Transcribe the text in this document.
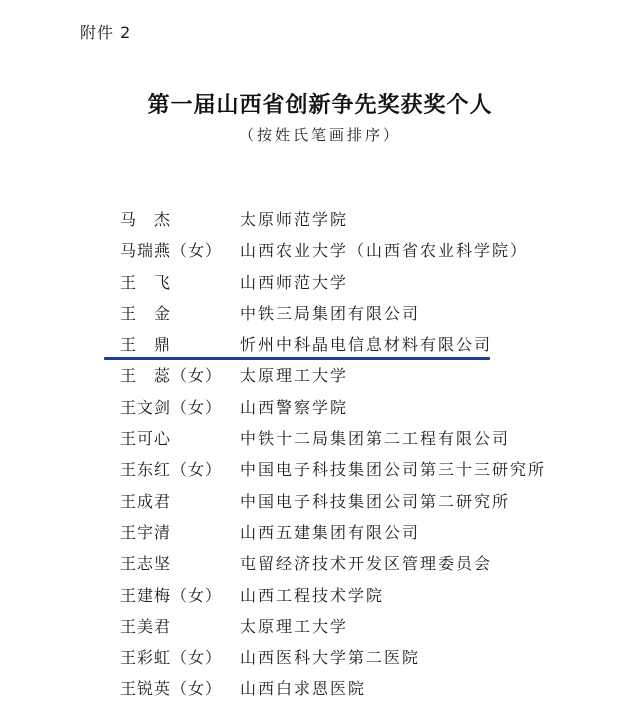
附件 2
第一届山西省创新争先奖获奖个人
（按姓氏笔画排序）
马　杰	太原师范学院
马瑞燕（女） 山西农业大学（山西省农业科学院）
王　飞	山西师范大学
王　金	中铁三局集团有限公司
王　鼎	忻州中科晶电信息材料有限公司
王　蕊（女） 太原理工大学
王文剑（女） 山西警察学院
王可心	中铁十二局集团第二工程有限公司
王东红（女） 中国电子科技集团公司第三十三研究所
王成君	中国电子科技集团公司第二研究所
王宇清	山西五建集团有限公司
王志坚	屯留经济技术开发区管理委员会
王建梅（女） 山西工程技术学院
王美君	太原理工大学
王彩虹（女） 山西医科大学第二医院
王锐英（女） 山西白求恩医院
